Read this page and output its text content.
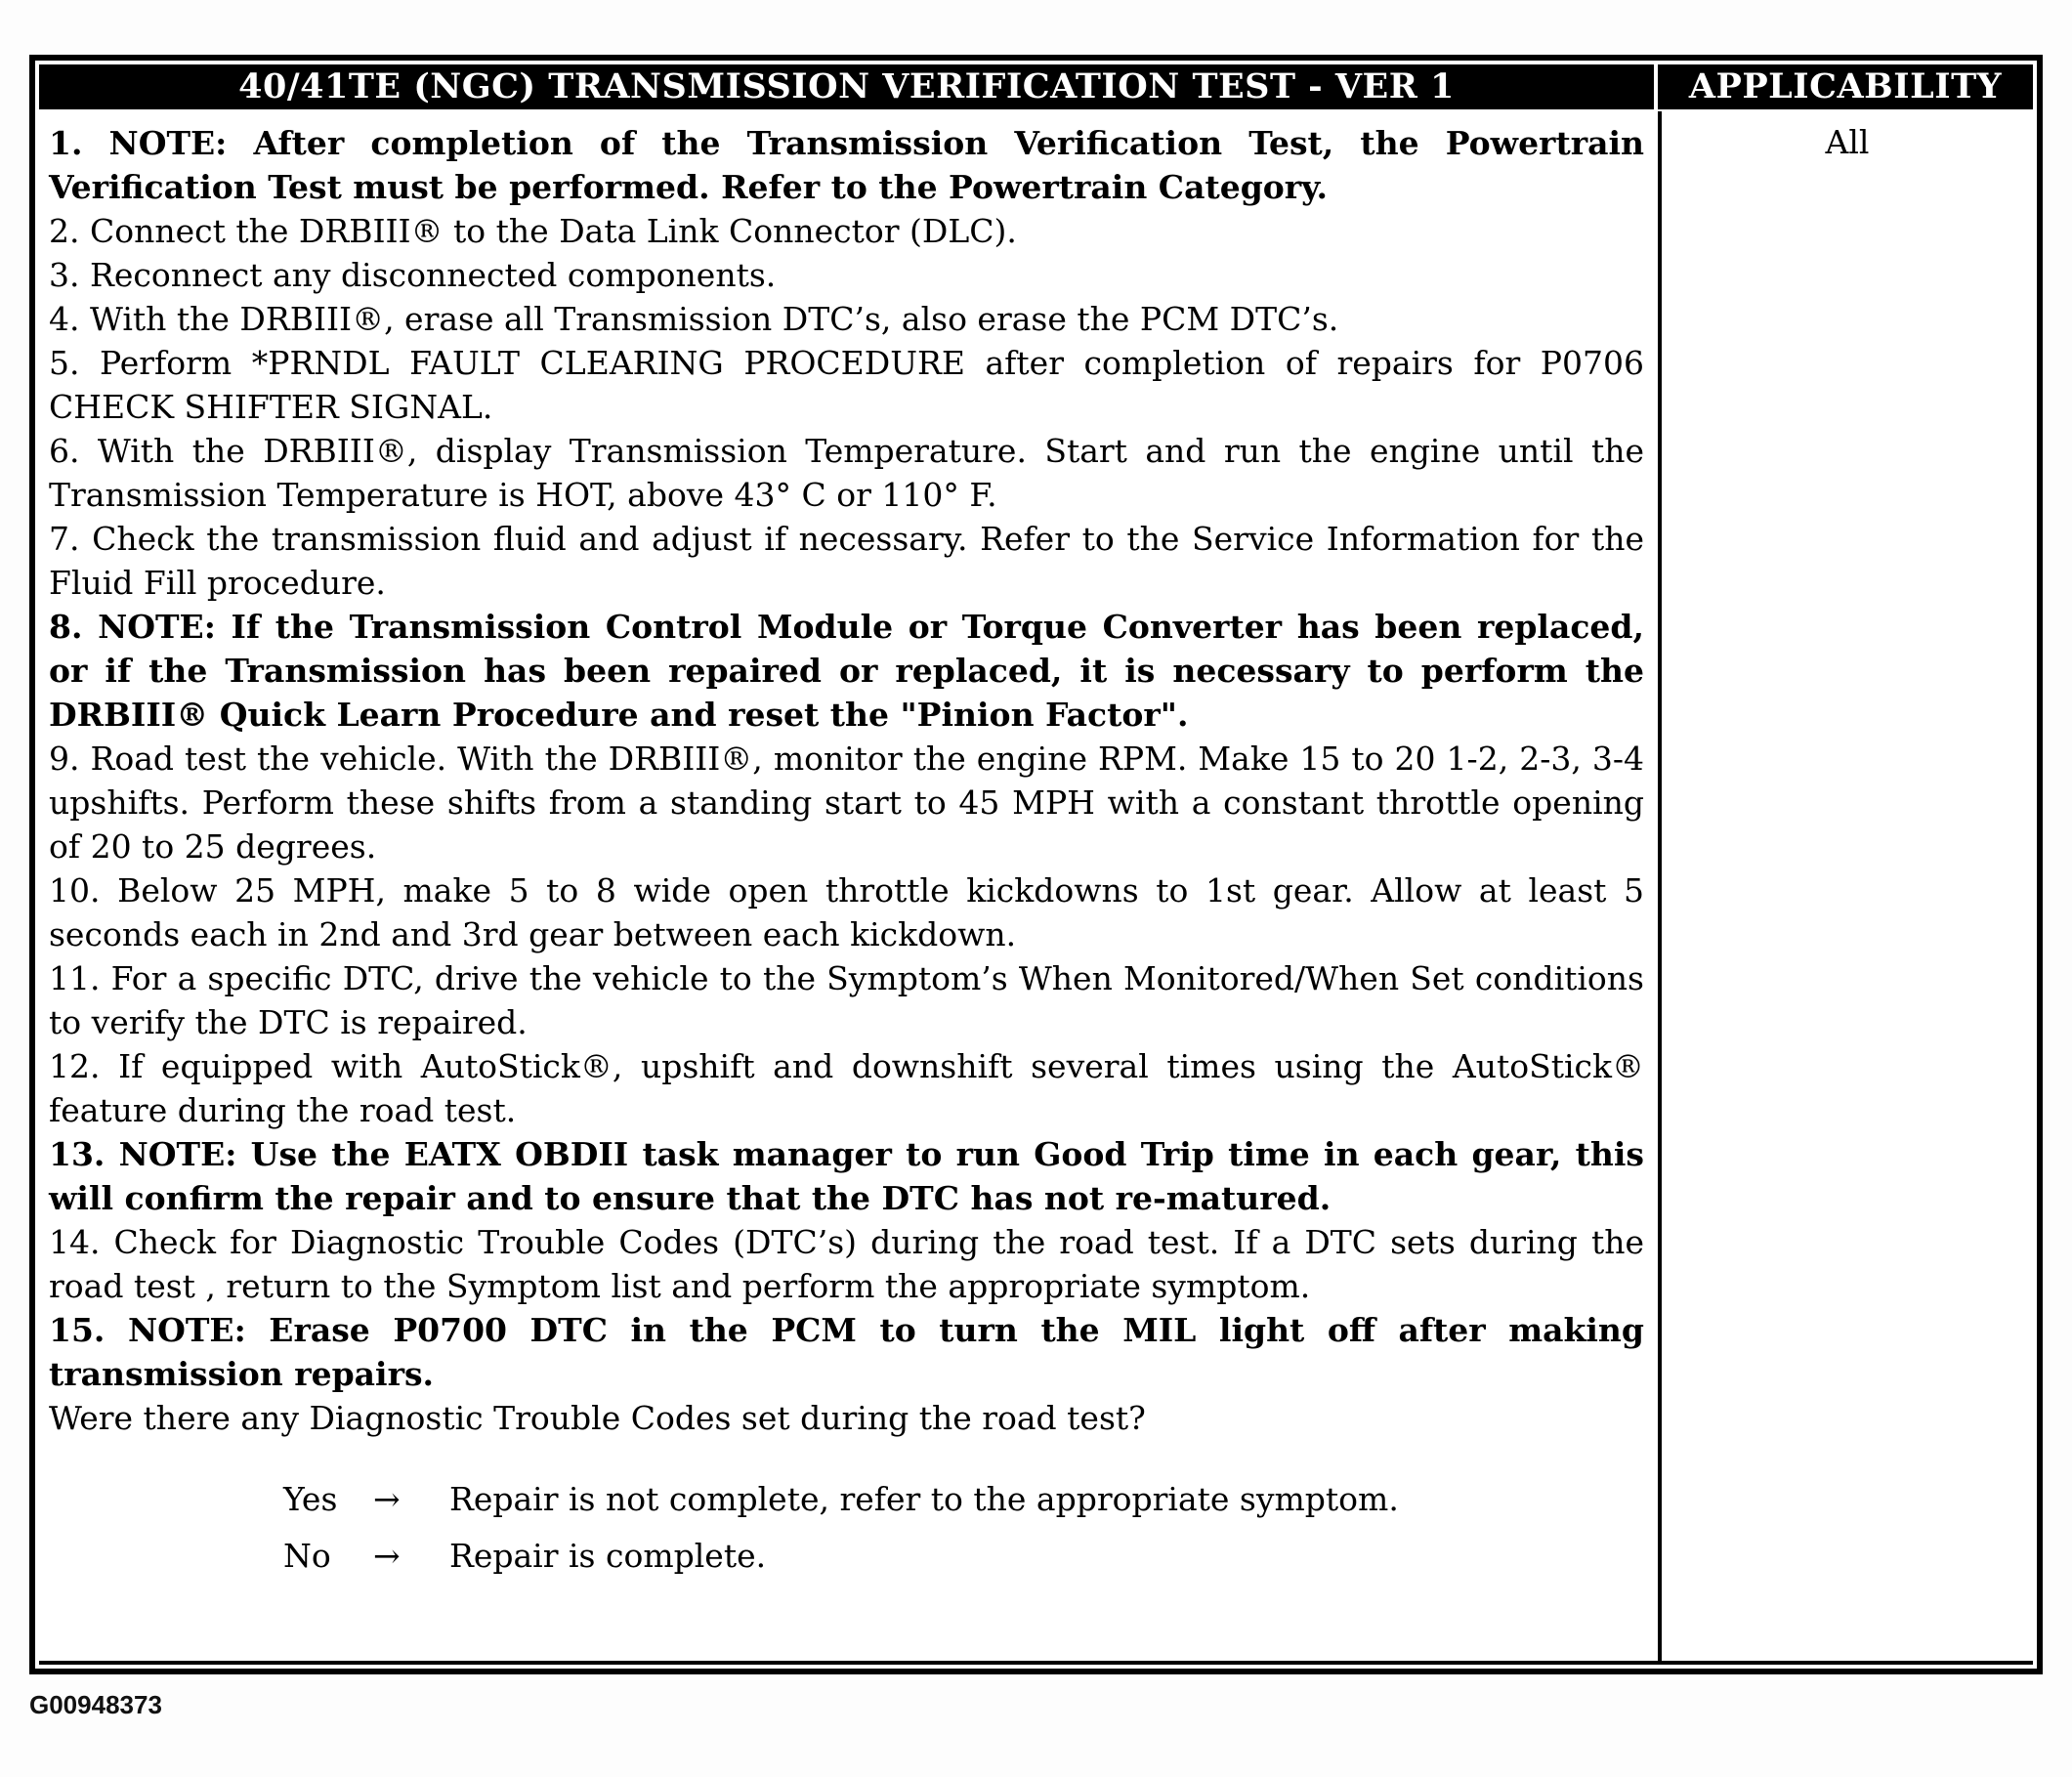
40/41TE (NGC) TRANSMISSION VERIFICATION TEST - VER 1	APPLICABILITY

1. NOTE: After completion of the Transmission Verification Test, the Powertrain Verification Test must be performed. Refer to the Powertrain Category.

2. Connect the DRBIII® to the Data Link Connector (DLC).

3. Reconnect any disconnected components.

4. With the DRBIII®, erase all Transmission DTC’s, also erase the PCM DTC’s.

5. Perform *PRNDL FAULT CLEARING PROCEDURE after completion of repairs for P0706 CHECK SHIFTER SIGNAL.

6. With the DRBIII®, display Transmission Temperature. Start and run the engine until the Transmission Temperature is HOT, above 43° C or 110° F.

7. Check the transmission fluid and adjust if necessary. Refer to the Service Information for the Fluid Fill procedure.

8. NOTE: If the Transmission Control Module or Torque Converter has been replaced, or if the Transmission has been repaired or replaced, it is necessary to perform the DRBIII® Quick Learn Procedure and reset the "Pinion Factor".

9. Road test the vehicle. With the DRBIII®, monitor the engine RPM. Make 15 to 20 1-2, 2-3, 3-4 upshifts. Perform these shifts from a standing start to 45 MPH with a constant throttle opening of 20 to 25 degrees.

10. Below 25 MPH, make 5 to 8 wide open throttle kickdowns to 1st gear. Allow at least 5 seconds each in 2nd and 3rd gear between each kickdown.

11. For a specific DTC, drive the vehicle to the Symptom’s When Monitored/When Set conditions to verify the DTC is repaired.

12. If equipped with AutoStick®, upshift and downshift several times using the AutoStick® feature during the road test.

13. NOTE: Use the EATX OBDII task manager to run Good Trip time in each gear, this will confirm the repair and to ensure that the DTC has not re-matured.

14. Check for Diagnostic Trouble Codes (DTC’s) during the road test. If a DTC sets during the road test , return to the Symptom list and perform the appropriate symptom.

15. NOTE: Erase P0700 DTC in the PCM to turn the MIL light off after making transmission repairs.

Were there any Diagnostic Trouble Codes set during the road test?

Yes	→	Repair is not complete, refer to the appropriate symptom.
No	→	Repair is complete.
All
G00948373
